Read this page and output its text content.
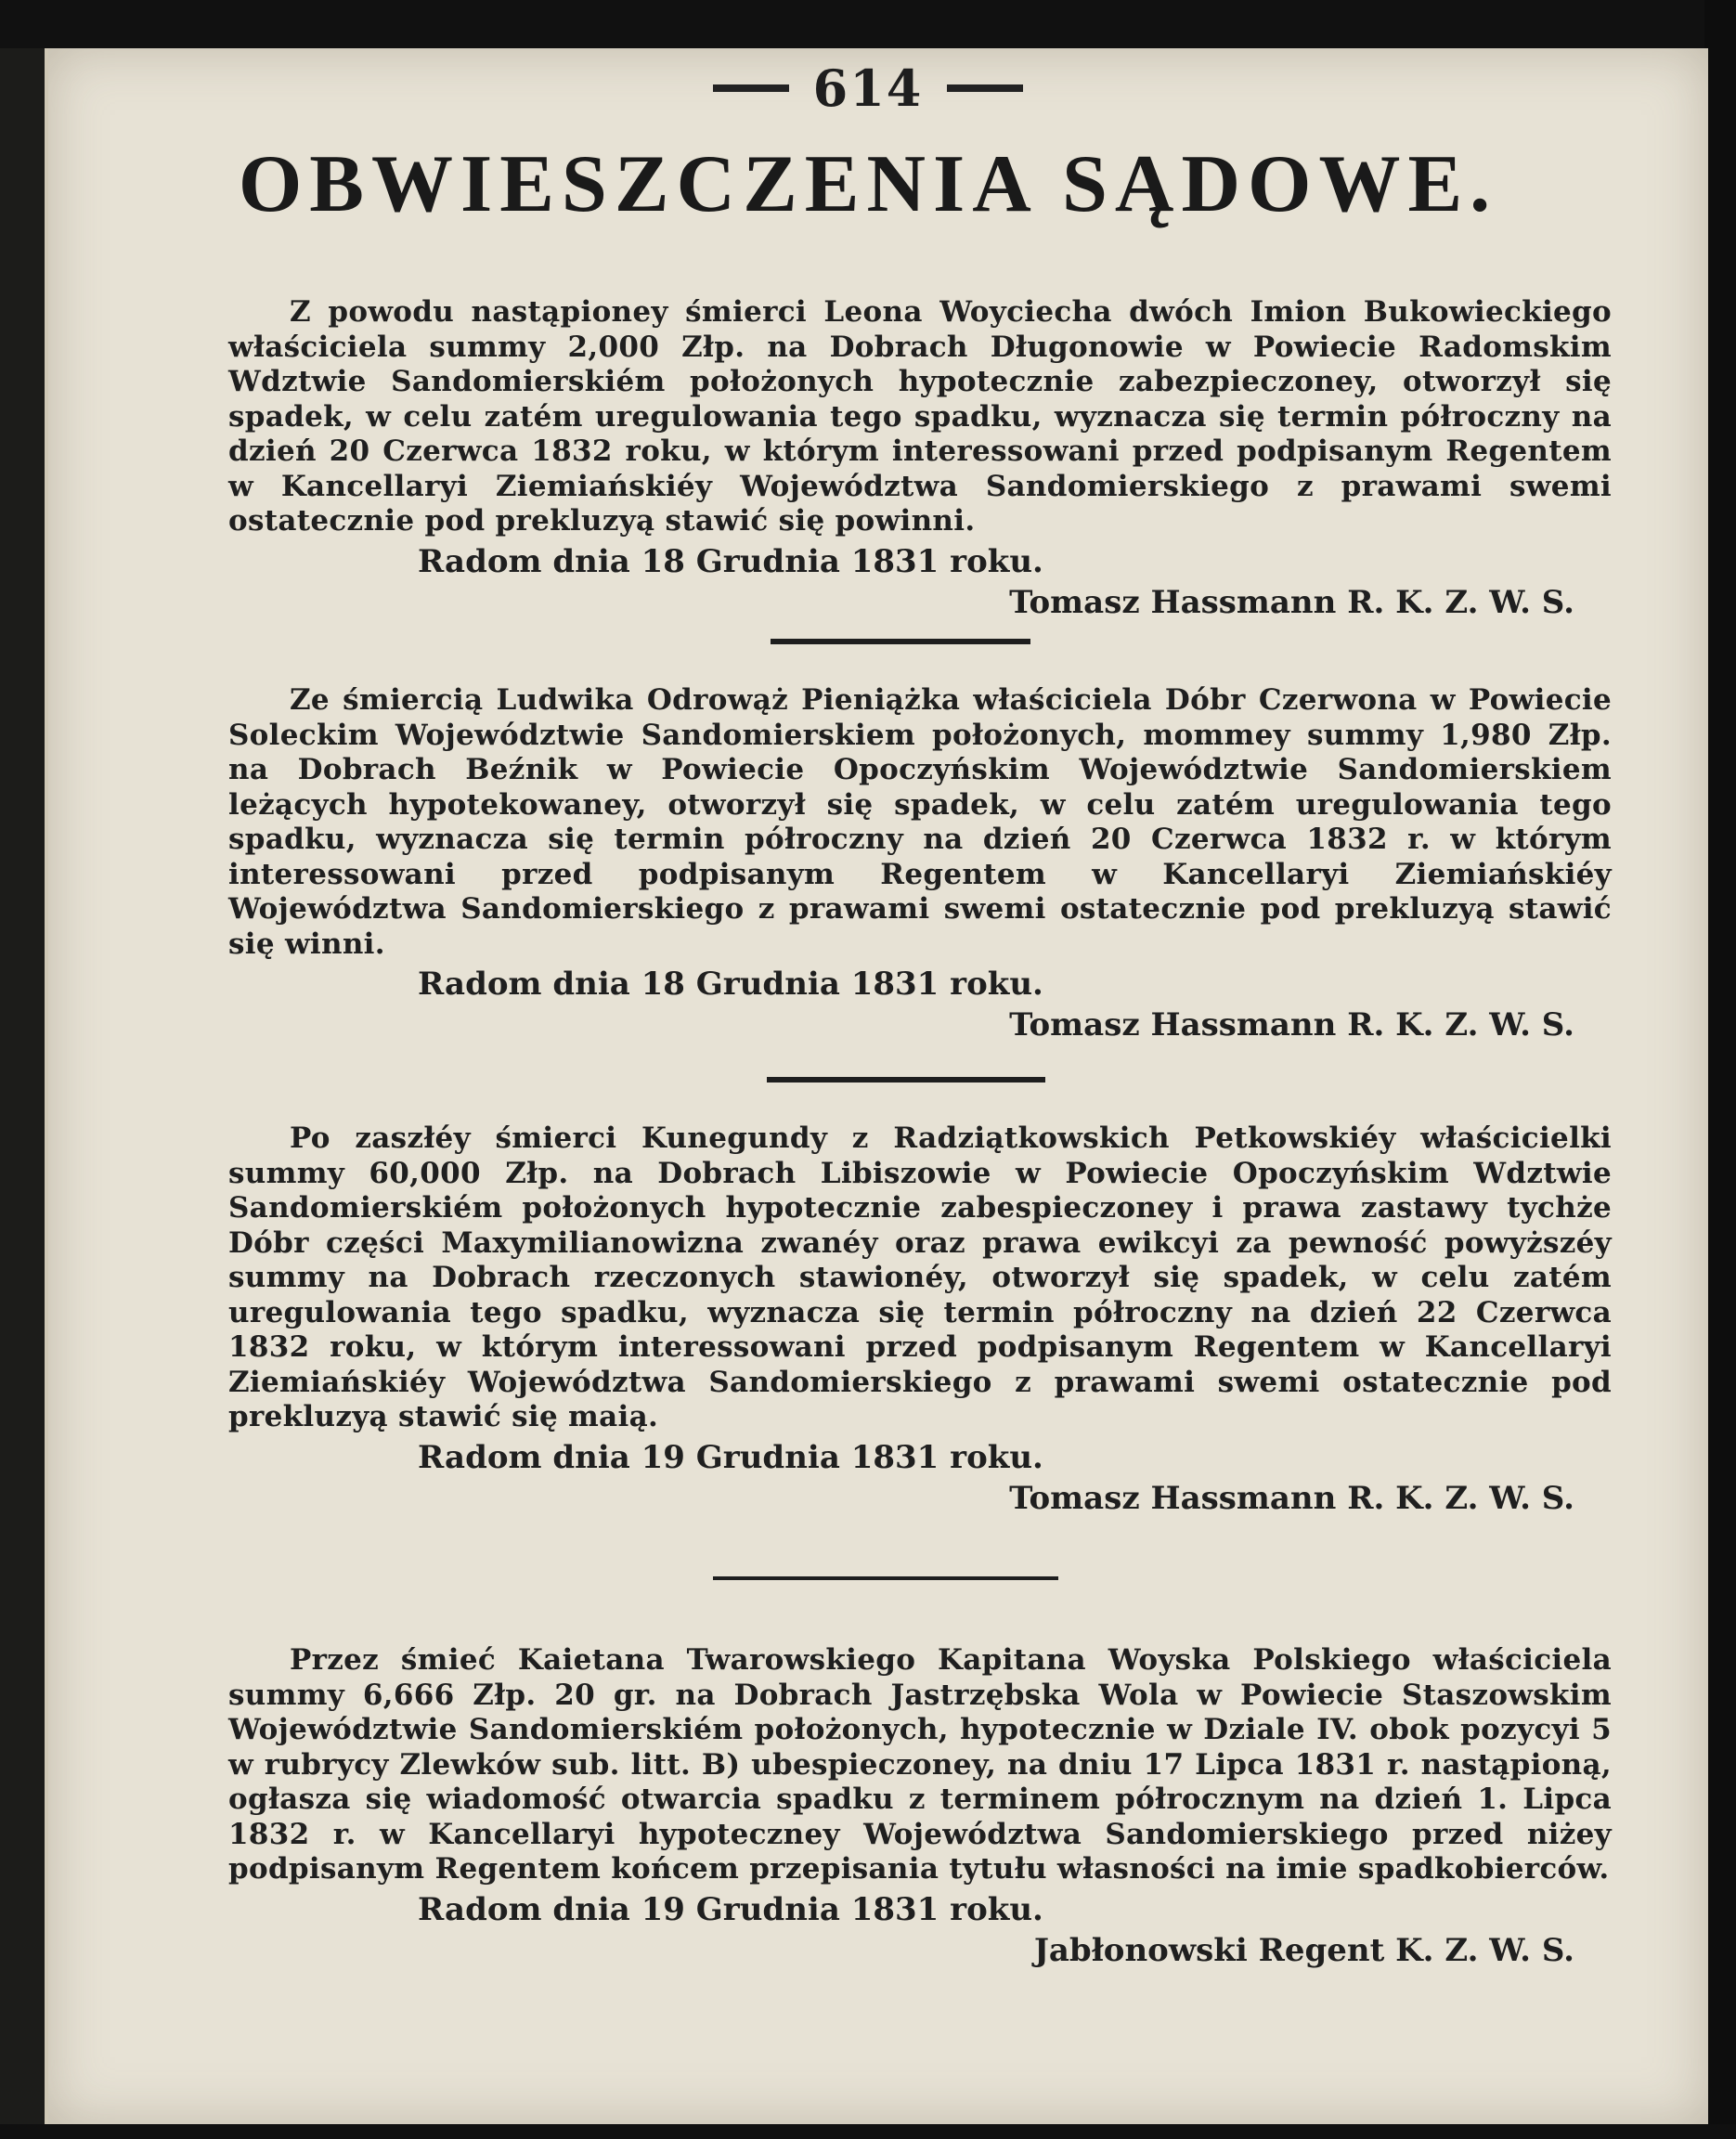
614
OBWIESZCZENIA SĄDOWE.

Z powodu nastąpioney śmierci Leona Woyciecha dwóch Imion Bukowieckiego właściciela summy 2,000 Złp. na Dobrach Długonowie w Powiecie Radomskim Wdztwie Sandomierskiém położonych hypotecznie zabezpieczoney, otworzył się spadek, w celu zatém uregulowania tego spadku, wyznacza się termin półroczny na dzień 20 Czerwca 1832 roku, w którym interessowani przed podpisanym Regentem w Kancellaryi Ziemiańskiéy Województwa Sandomierskiego z prawami swemi ostatecznie pod prekluzyą stawić się powinni.

Radom dnia 18 Grudnia 1831 roku.
Tomasz Hassmann R. K. Z. W. S.

Ze śmiercią Ludwika Odrowąż Pieniążka właściciela Dóbr Czerwona w Powiecie Soleckim Województwie Sandomierskiem położonych, mommey summy 1,980 Złp. na Dobrach Beźnik w Powiecie Opoczyńskim Województwie Sandomierskiem leżących hypotekowaney, otworzył się spadek, w celu zatém uregulowania tego spadku, wyznacza się termin półroczny na dzień 20 Czerwca 1832 r. w którym interessowani przed podpisanym Regentem w Kancellaryi Ziemiańskiéy Województwa Sandomierskiego z prawami swemi ostatecznie pod prekluzyą stawić się winni.

Radom dnia 18 Grudnia 1831 roku.
Tomasz Hassmann R. K. Z. W. S.

Po zaszłéy śmierci Kunegundy z Radziątkowskich Petkowskiéy właścicielki summy 60,000 Złp. na Dobrach Libiszowie w Powiecie Opoczyńskim Wdztwie Sandomierskiém położonych hypotecznie zabespieczoney i prawa zastawy tychże Dóbr części Maxymilianowizna zwanéy oraz prawa ewikcyi za pewność powyższéy summy na Dobrach rzeczonych stawionéy, otworzył się spadek, w celu zatém uregulowania tego spadku, wyznacza się termin półroczny na dzień 22 Czerwca 1832 roku, w którym interessowani przed podpisanym Regentem w Kancellaryi Ziemiańskiéy Województwa Sandomierskiego z prawami swemi ostatecznie pod prekluzyą stawić się maią.

Radom dnia 19 Grudnia 1831 roku.
Tomasz Hassmann R. K. Z. W. S.

Przez śmieć Kaietana Twarowskiego Kapitana Woyska Polskiego właściciela summy 6,666 Złp. 20 gr. na Dobrach Jastrzębska Wola w Powiecie Staszowskim Województwie Sandomierskiém położonych, hypotecznie w Dziale IV. obok pozycyi 5 w rubrycy Zlewków sub. litt. B) ubespieczoney, na dniu 17 Lipca 1831 r. nastąpioną, ogłasza się wiadomość otwarcia spadku z terminem półrocznym na dzień 1. Lipca 1832 r. w Kancellaryi hypoteczney Województwa Sandomierskiego przed niżey podpisanym Regentem końcem przepisania tytułu własności na imie spadkobierców.

Radom dnia 19 Grudnia 1831 roku.
Jabłonowski Regent K. Z. W. S.
